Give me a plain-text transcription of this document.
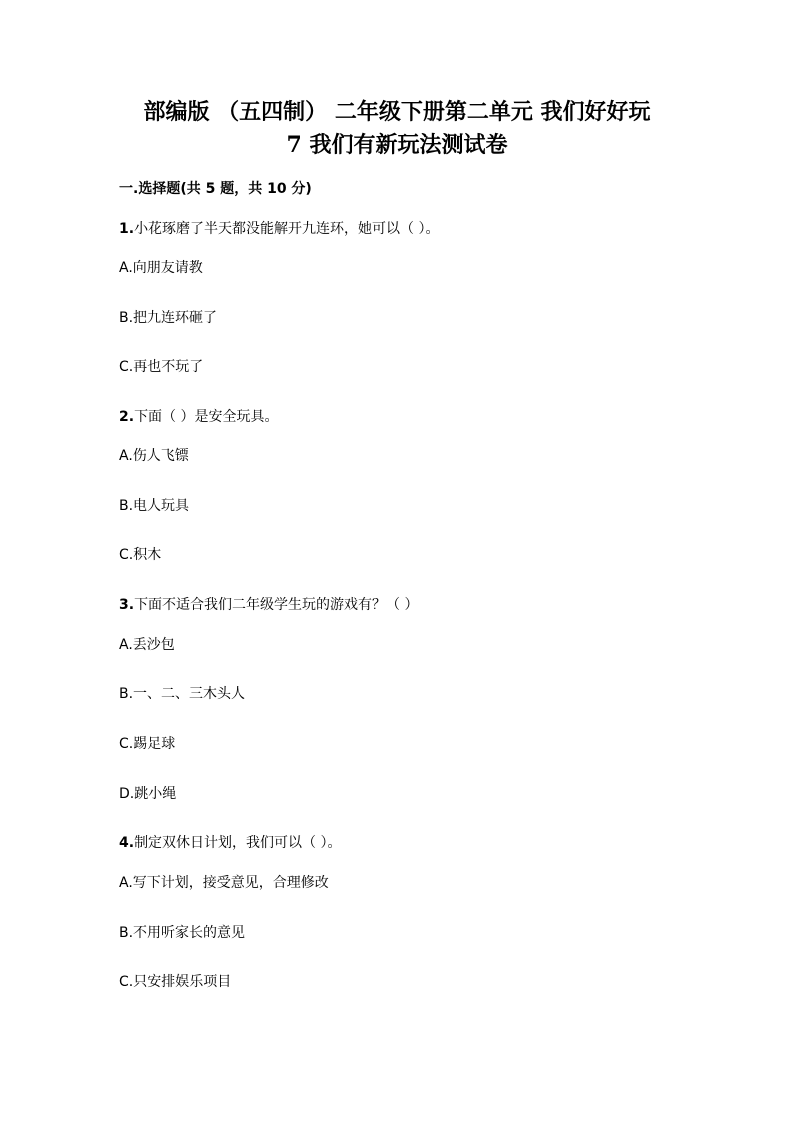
部编版 （五四制） 二年级下册第二单元 我们好好玩
7 我们有新玩法测试卷
一.选择题(共 5 题，共 10 分)
1.小花琢磨了半天都没能解开九连环，她可以（ ）。
A.向朋友请教
B.把九连环砸了
C.再也不玩了
2.下面（ ）是安全玩具。
A.伤人飞镖
B.电人玩具
C.积木
3.下面不适合我们二年级学生玩的游戏有？（ ）
A.丢沙包
B.一、二、三木头人
C.踢足球
D.跳小绳
4.制定双休日计划，我们可以（ ）。
A.写下计划，接受意见，合理修改
B.不用听家长的意见
C.只安排娱乐项目
